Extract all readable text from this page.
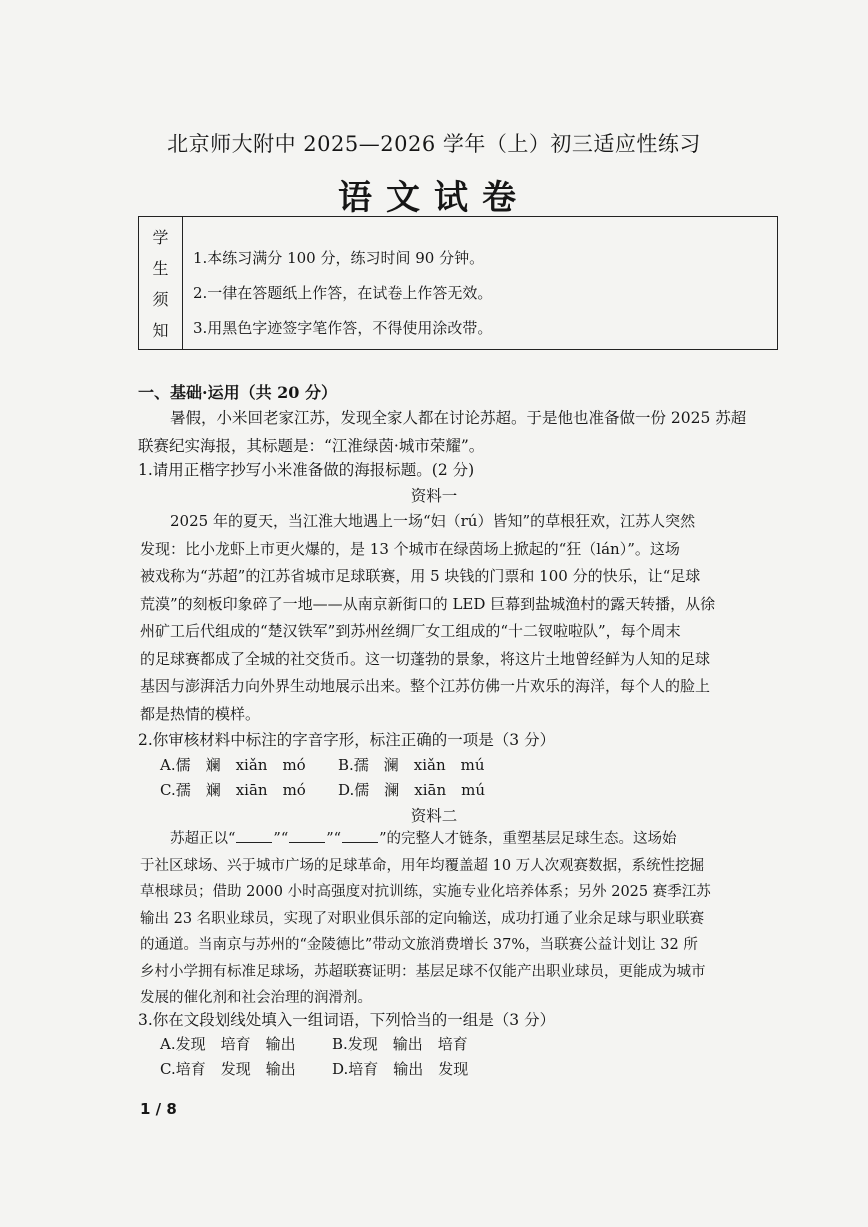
北京师大附中 2025—2026 学年（上）初三适应性练习
语文试卷
学
生
须
知
1.本练习满分 100 分，练习时间 90 分钟。
2.一律在答题纸上作答，在试卷上作答无效。
3.用黑色字迹签字笔作答，不得使用涂改带。
一、基础·运用（共 20 分）
暑假，小米回老家江苏，发现全家人都在讨论苏超。于是他也准备做一份 2025 苏超
联赛纪实海报，其标题是：“江淮绿茵·城市荣耀”。
1.请用正楷字抄写小米准备做的海报标题。(2 分)
资料一
2025 年的夏天，当江淮大地遇上一场“妇（rú）皆知”的草根狂欢，江苏人突然
发现：比小龙虾上市更火爆的，是 13 个城市在绿茵场上掀起的“狂（lán）”。这场
被戏称为“苏超”的江苏省城市足球联赛，用 5 块钱的门票和 100 分的快乐，让“足球
荒漠”的刻板印象碎了一地——从南京新街口的 LED 巨幕到盐城渔村的露天转播，从徐
州矿工后代组成的“楚汉铁军”到苏州丝绸厂女工组成的“十二钗啦啦队”，每个周末
的足球赛都成了全城的社交货币。这一切蓬勃的景象，将这片土地曾经鲜为人知的足球
基因与澎湃活力向外界生动地展示出来。整个江苏仿佛一片欢乐的海洋，每个人的脸上
都是热情的模样。
2.你审核材料中标注的字音字形，标注正确的一项是（3 分）
A.儒　斓　xiǎn　mó B.孺　澜　xiǎn　mú
C.孺　斓　xiān　mó D.儒　澜　xiān　mú
资料二
苏超正以“	”“	”“	”的完整人才链条，重塑基层足球生态。这场始
于社区球场、兴于城市广场的足球革命，用年均覆盖超 10 万人次观赛数据，系统性挖掘
草根球员；借助 2000 小时高强度对抗训练，实施专业化培养体系；另外 2025 赛季江苏
输出 23 名职业球员，实现了对职业俱乐部的定向输送，成功打通了业余足球与职业联赛
的通道。当南京与苏州的“金陵德比”带动文旅消费增长 37%，当联赛公益计划让 32 所
乡村小学拥有标准足球场，苏超联赛证明：基层足球不仅能产出职业球员，更能成为城市
发展的催化剂和社会治理的润滑剂。
3.你在文段划线处填入一组词语，下列恰当的一组是（3 分）
A.发现　培育　输出 B.发现　输出　培育
C.培育　发现　输出 D.培育　输出　发现
1 / 8
